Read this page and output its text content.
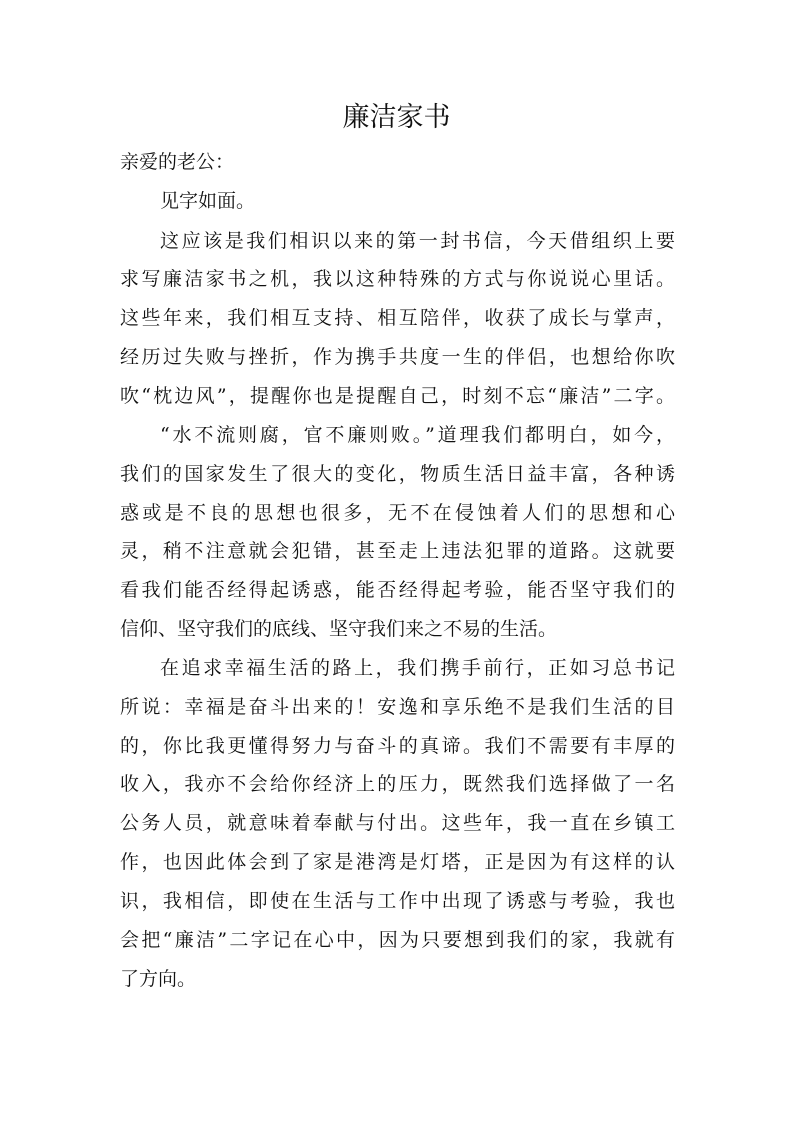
廉洁家书

亲爱的老公：

见字如面。

这应该是我们相识以来的第一封书信，今天借组织上要

求写廉洁家书之机，我以这种特殊的方式与你说说心里话。

这些年来，我们相互支持、相互陪伴，收获了成长与掌声，

经历过失败与挫折，作为携手共度一生的伴侣，也想给你吹

吹“枕边风”，提醒你也是提醒自己，时刻不忘“廉洁”二字。

“水不流则腐，官不廉则败。”道理我们都明白，如今，

我们的国家发生了很大的变化，物质生活日益丰富，各种诱

惑或是不良的思想也很多，无不在侵蚀着人们的思想和心

灵，稍不注意就会犯错，甚至走上违法犯罪的道路。这就要

看我们能否经得起诱惑，能否经得起考验，能否坚守我们的

信仰、坚守我们的底线、坚守我们来之不易的生活。

在追求幸福生活的路上，我们携手前行，正如习总书记

所说：幸福是奋斗出来的！安逸和享乐绝不是我们生活的目

的，你比我更懂得努力与奋斗的真谛。我们不需要有丰厚的

收入，我亦不会给你经济上的压力，既然我们选择做了一名

公务人员，就意味着奉献与付出。这些年，我一直在乡镇工

作，也因此体会到了家是港湾是灯塔，正是因为有这样的认

识，我相信，即使在生活与工作中出现了诱惑与考验，我也

会把“廉洁”二字记在心中，因为只要想到我们的家，我就有

了方向。
